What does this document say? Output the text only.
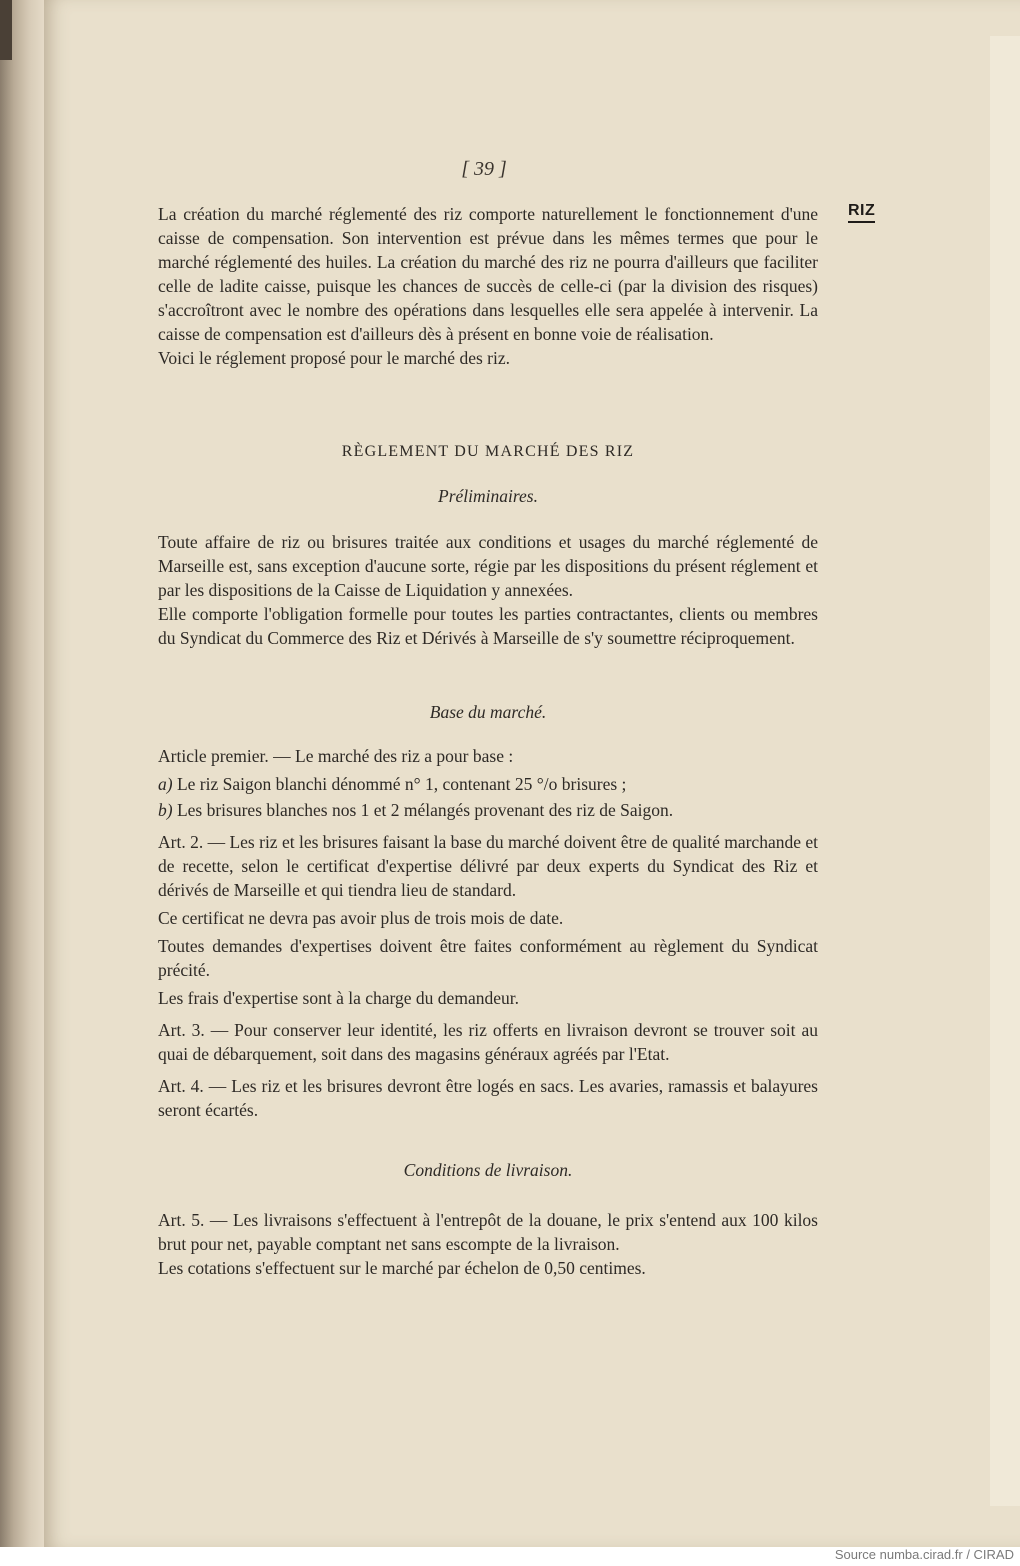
[ 39 ]
RIZ

La création du marché réglementé des riz comporte naturellement le fonctionnement d'une caisse de compensation. Son intervention est prévue dans les mêmes termes que pour le marché réglementé des huiles. La création du marché des riz ne pourra d'ailleurs que faciliter celle de ladite caisse, puisque les chances de succès de celle-ci (par la division des risques) s'accroîtront avec le nombre des opérations dans lesquelles elle sera appelée à intervenir. La caisse de compensation est d'ailleurs dès à présent en bonne voie de réalisation.

Voici le réglement proposé pour le marché des riz.

RÈGLEMENT DU MARCHÉ DES RIZ
Préliminaires.

Toute affaire de riz ou brisures traitée aux conditions et usages du marché réglementé de Marseille est, sans exception d'aucune sorte, régie par les dispositions du présent réglement et par les dispositions de la Caisse de Liquidation y annexées.

Elle comporte l'obligation formelle pour toutes les parties contractantes, clients ou membres du Syndicat du Commerce des Riz et Dérivés à Marseille de s'y soumettre réciproquement.

Base du marché.

Article premier. — Le marché des riz a pour base :

a) Le riz Saigon blanchi dénommé n° 1, contenant 25 °/o brisures ;

b) Les brisures blanches nos 1 et 2 mélangés provenant des riz de Saigon.

Art. 2. — Les riz et les brisures faisant la base du marché doivent être de qualité marchande et de recette, selon le certificat d'expertise délivré par deux experts du Syndicat des Riz et dérivés de Marseille et qui tiendra lieu de standard.

Ce certificat ne devra pas avoir plus de trois mois de date.

Toutes demandes d'expertises doivent être faites conformément au règlement du Syndicat précité.

Les frais d'expertise sont à la charge du demandeur.

Art. 3. — Pour conserver leur identité, les riz offerts en livraison devront se trouver soit au quai de débarquement, soit dans des magasins généraux agréés par l'Etat.

Art. 4. — Les riz et les brisures devront être logés en sacs. Les avaries, ramassis et balayures seront écartés.

Conditions de livraison.

Art. 5. — Les livraisons s'effectuent à l'entrepôt de la douane, le prix s'entend aux 100 kilos brut pour net, payable comptant net sans escompte de la livraison.

Les cotations s'effectuent sur le marché par échelon de 0,50 centimes.

Source numba.cirad.fr / CIRAD
